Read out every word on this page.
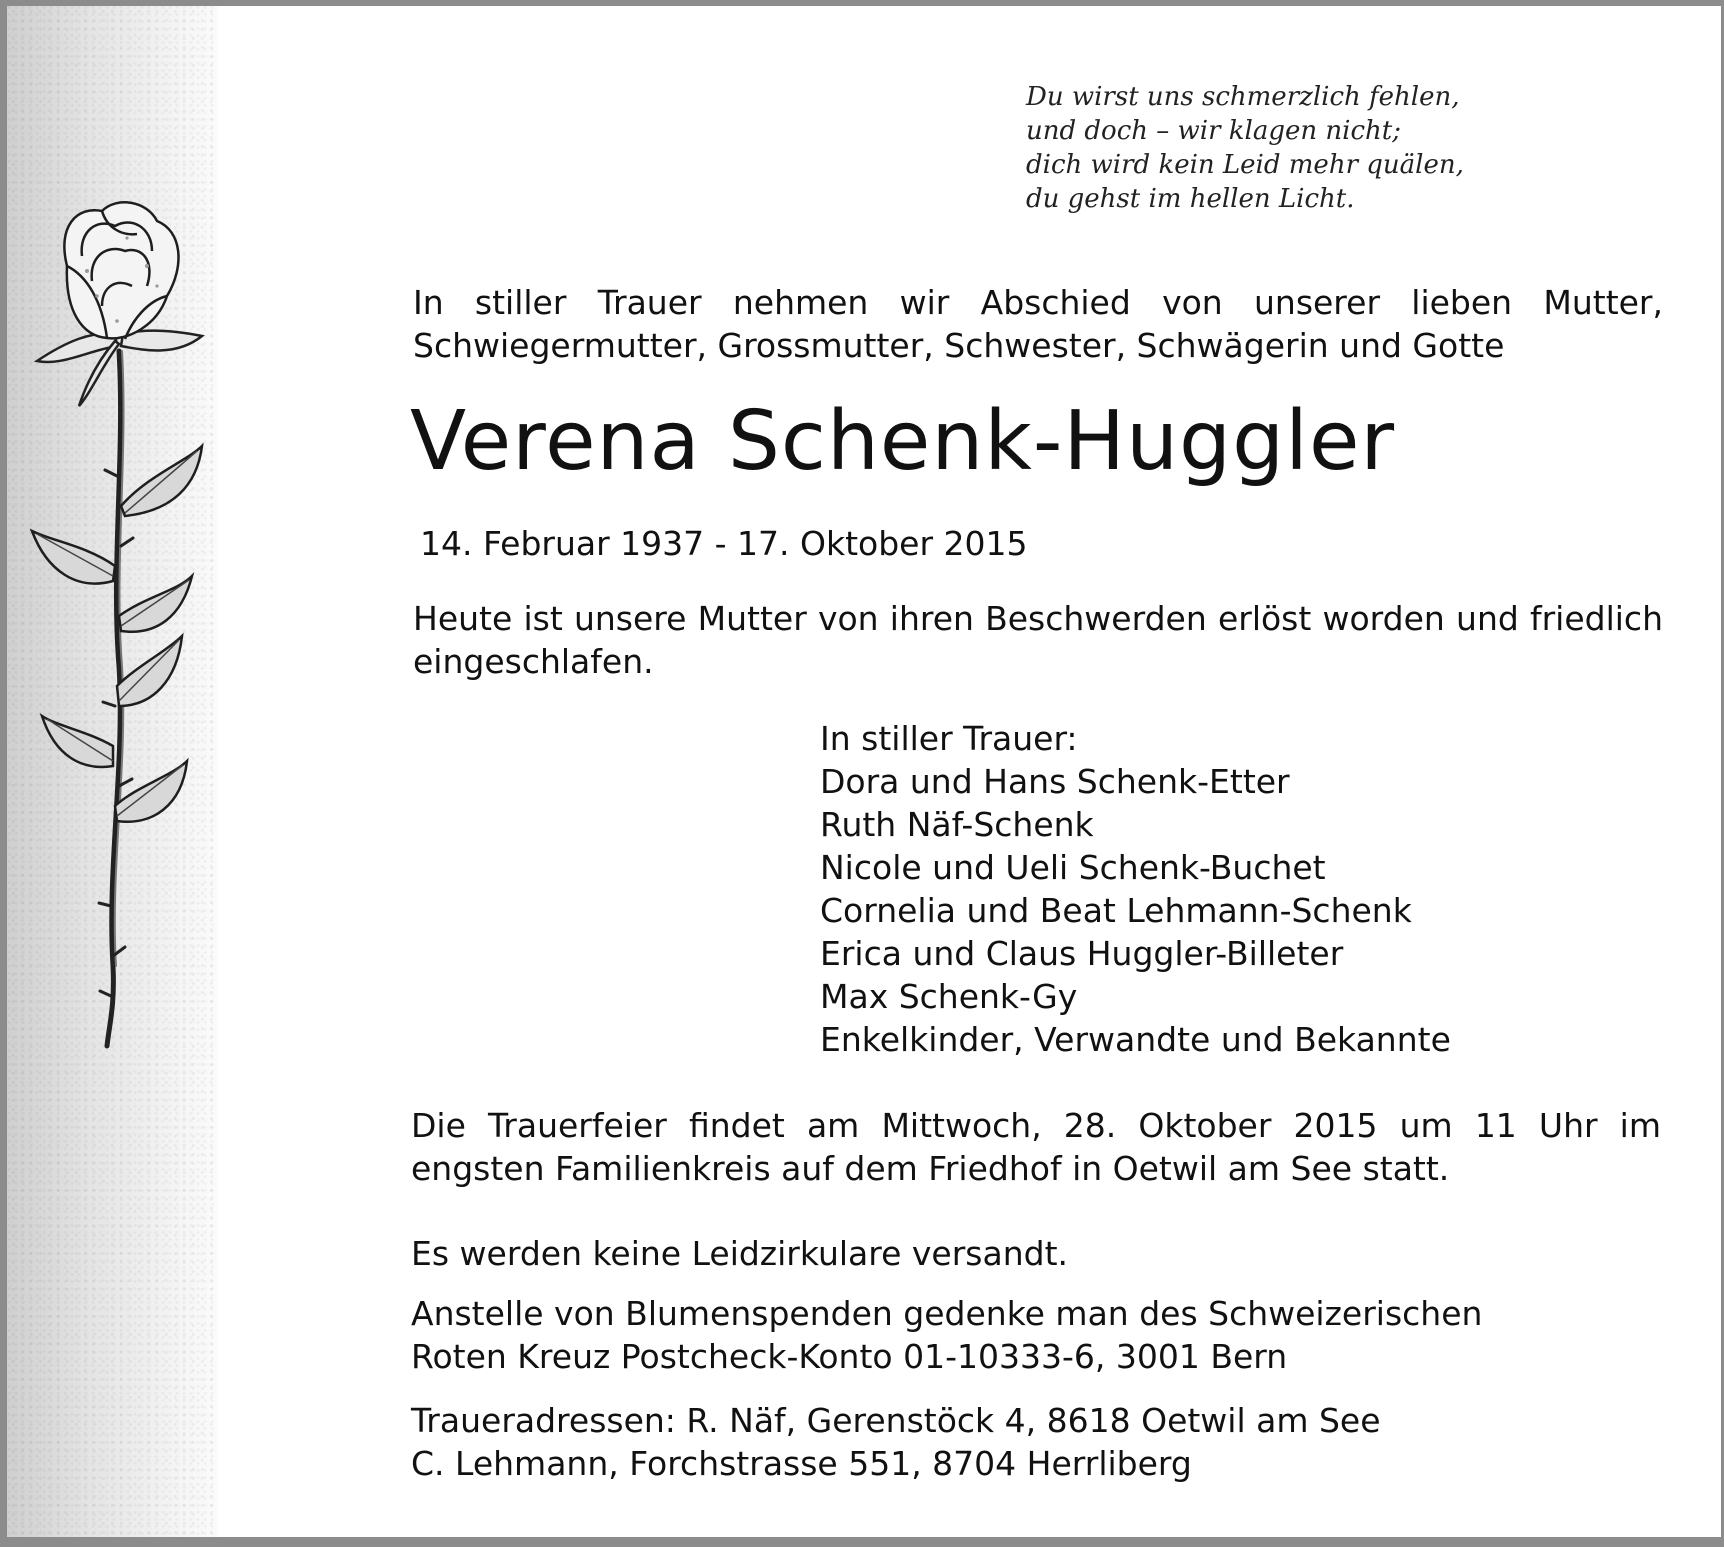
Du wirst uns schmerzlich fehlen,
und doch – wir klagen nicht;
dich wird kein Leid mehr quälen,
du gehst im hellen Licht.
In stiller Trauer nehmen wir Abschied von unserer lieben Mutter, Schwiegermutter, Grossmutter, Schwester, Schwägerin und Gotte
Verena Schenk-Huggler
14. Februar 1937 - 17. Oktober 2015
Heute ist unsere Mutter von ihren Beschwerden erlöst worden und friedlich eingeschlafen.
In stiller Trauer:
Dora und Hans Schenk-Etter
Ruth Näf-Schenk
Nicole und Ueli Schenk-Buchet
Cornelia und Beat Lehmann-Schenk
Erica und Claus Huggler-Billeter
Max Schenk-Gy
Enkelkinder, Verwandte und Bekannte
Die Trauerfeier findet am Mittwoch, 28. Oktober 2015 um 11 Uhr im engsten Familienkreis auf dem Friedhof in Oetwil am See statt.
Es werden keine Leidzirkulare versandt.
Anstelle von Blumenspenden gedenke man des Schweizerischen
Roten Kreuz Postcheck-Konto 01-10333-6, 3001 Bern
Traueradressen: R. Näf, Gerenstöck 4, 8618 Oetwil am See
C. Lehmann, Forchstrasse 551, 8704 Herrliberg
